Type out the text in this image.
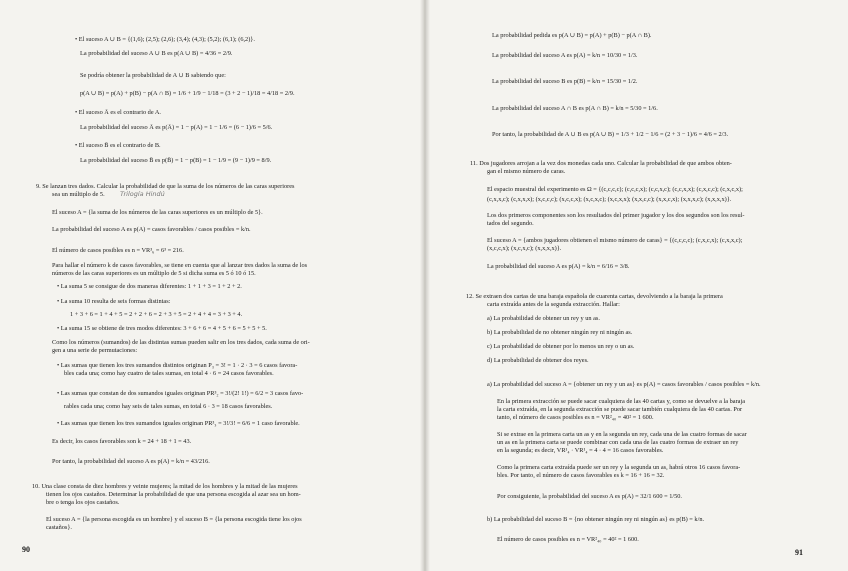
• El suceso A ∪ B = {(1,6); (2,5); (2,6); (3,4); (4,3); (5,2); (6,1); (6,2)}.
La probabilidad del suceso A ∪ B es p(A ∪ B) = 4/36 = 2/9.
Se podría obtener la probabilidad de A ∪ B sabiendo que:
p(A ∪ B) = p(A) + p(B) − p(A ∩ B) = 1/6 + 1/9 − 1/18 = (3 + 2 − 1)/18 = 4/18 = 2/9.
• El suceso Ā es el contrario de A.
La probabilidad del suceso Ā es p(Ā) = 1 − p(A) = 1 − 1/6 = (6 − 1)/6 = 5/6.
• El suceso B̄ es el contrario de B.
La probabilidad del suceso B̄ es p(B̄) = 1 − p(B) = 1 − 1/9 = (9 − 1)/9 = 8/9.
9. Se lanzan tres dados. Calcular la probabilidad de que la suma de los números de las caras superiores
sea un múltiplo de 5. Trilogía Hindú
El suceso A = {la suma de los números de las caras superiores es un múltiplo de 5}.
La probabilidad del suceso A es p(A) = casos favorables / casos posibles = k/n.
El número de casos posibles es n = VR³₆ = 6³ = 216.
Para hallar el número k de casos favorables, se tiene en cuenta que al lanzar tres dados la suma de los
números de las caras superiores es un múltiplo de 5 si dicha suma es 5 ó 10 ó 15.
• La suma 5 se consigue de dos maneras diferentes: 1 + 1 + 3 = 1 + 2 + 2.
• La suma 10 resulta de seis formas distintas:
1 + 3 + 6 = 1 + 4 + 5 = 2 + 2 + 6 = 2 + 3 + 5 = 2 + 4 + 4 = 3 + 3 + 4.
• La suma 15 se obtiene de tres modos diferentes: 3 + 6 + 6 = 4 + 5 + 6 = 5 + 5 + 5.
Como los números (sumandos) de las distintas sumas pueden salir en los tres dados, cada suma de ori-
gen a una serie de permutaciones:
• Las sumas que tienen los tres sumandos distintos originan P₃ = 3! = 1 · 2 · 3 = 6 casos favora-
bles cada una; como hay cuatro de tales sumas, en total 4 · 6 = 24 casos favorables.
• Las sumas que constan de dos sumandos iguales originan PR³₂ = 3!/(2! 1!) = 6/2 = 3 casos favo-
rables cada una; como hay seis de tales sumas, en total 6 · 3 = 18 casos favorables.
• Las sumas que tienen los tres sumandos iguales originan PR³₃ = 3!/3! = 6/6 = 1 caso favorable.
Es decir, los casos favorables son k = 24 + 18 + 1 = 43.
Por tanto, la probabilidad del suceso A es p(A) = k/n = 43/216.
10. Una clase consta de diez hombres y veinte mujeres; la mitad de los hombres y la mitad de las mujeres
tienen los ojos castaños. Determinar la probabilidad de que una persona escogida al azar sea un hom-
bre o tenga los ojos castaños.
El suceso A = {la persona escogida es un hombre} y el suceso B = {la persona escogida tiene los ojos
castaños}.
90
La probabilidad pedida es p(A ∪ B) = p(A) + p(B) − p(A ∩ B).
La probabilidad del suceso A es p(A) = k/n = 10/30 = 1/3.
La probabilidad del suceso B es p(B) = k/n = 15/30 = 1/2.
La probabilidad del suceso A ∩ B es p(A ∩ B) = k/n = 5/30 = 1/6.
Por tanto, la probabilidad de A ∪ B es p(A ∪ B) = 1/3 + 1/2 − 1/6 = (2 + 3 − 1)/6 = 4/6 = 2/3.
11. Dos jugadores arrojan a la vez dos monedas cada uno. Calcular la probabilidad de que ambos obten-
gan el mismo número de caras.
El espacio muestral del experimento es Ω = {(c,c,c,c); (c,c,c,x); (c,c,x,c); (c,c,x,x); (c,x,c,c); (c,x,c,x);
(c,x,x,c); (c,x,x,x); (x,c,c,c); (x,c,c,x); (x,c,x,c); (x,c,x,x); (x,x,c,c); (x,x,c,x); (x,x,x,c); (x,x,x,x)}.
Los dos primeros componentes son los resultados del primer jugador y los dos segundos son los resul-
tados del segundo.
El suceso A = {ambos jugadores obtienen el mismo número de caras} = {(c,c,c,c); (c,x,c,x); (c,x,x,c);
(x,c,c,x); (x,c,x,c); (x,x,x,x)}.
La probabilidad del suceso A es p(A) = k/n = 6/16 = 3/8.
12. Se extraen dos cartas de una baraja española de cuarenta cartas, devolviendo a la baraja la primera
carta extraída antes de la segunda extracción. Hallar:
a) La probabilidad de obtener un rey y un as.
b) La probabilidad de no obtener ningún rey ni ningún as.
c) La probabilidad de obtener por lo menos un rey o un as.
d) La probabilidad de obtener dos reyes.
a) La probabilidad del suceso A = {obtener un rey y un as} es p(A) = casos favorables / casos posibles = k/n.
En la primera extracción se puede sacar cualquiera de las 40 cartas y, como se devuelve a la baraja
la carta extraída, en la segunda extracción se puede sacar también cualquiera de las 40 cartas. Por
tanto, el número de casos posibles es n = VR²₄₀ = 40² = 1 600.
Si se extrae en la primera carta un as y en la segunda un rey, cada una de las cuatro formas de sacar
un as en la primera carta se puede combinar con cada una de las cuatro formas de extraer un rey
en la segunda; es decir, VR¹₄ · VR¹₄ = 4 · 4 = 16 casos favorables.
Como la primera carta extraída puede ser un rey y la segunda un as, habrá otros 16 casos favora-
bles. Por tanto, el número de casos favorables es k = 16 + 16 = 32.
Por consiguiente, la probabilidad del suceso A es p(A) = 32/1 600 = 1/50.
b) La probabilidad del suceso B = {no obtener ningún rey ni ningún as} es p(B) = k/n.
El número de casos posibles es n = VR²₄₀ = 40² = 1 600.
91
